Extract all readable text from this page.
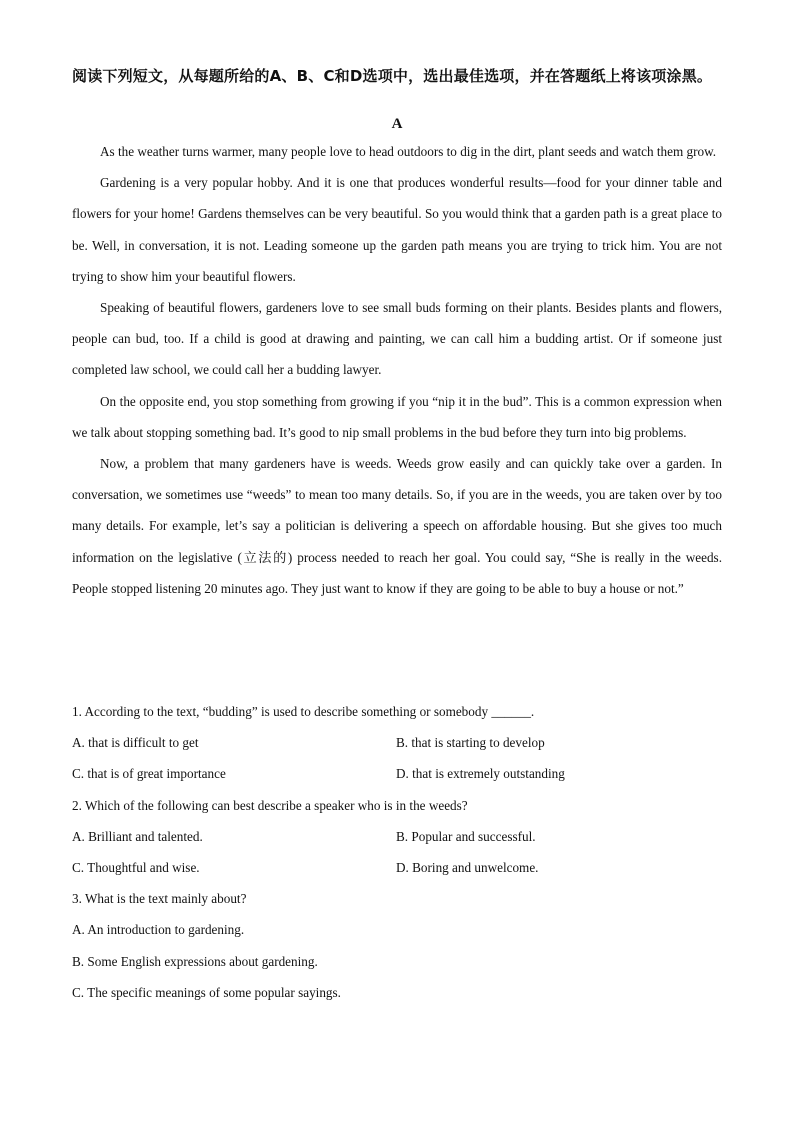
阅读下列短文，从每题所给的A、B、C和D选项中，选出最佳选项，并在答题纸上将该项涂黑。
A

As the weather turns warmer, many people love to head outdoors to dig in the dirt, plant seeds and watch them grow.

Gardening is a very popular hobby. And it is one that produces wonderful results—food for your dinner table and flowers for your home! Gardens themselves can be very beautiful. So you would think that a garden path is a great place to be. Well, in conversation, it is not. Leading someone up the garden path means you are trying to trick him. You are not trying to show him your beautiful flowers.

Speaking of beautiful flowers, gardeners love to see small buds forming on their plants. Besides plants and flowers, people can bud, too. If a child is good at drawing and painting, we can call him a budding artist. Or if someone just completed law school, we could call her a budding lawyer.

On the opposite end, you stop something from growing if you “nip it in the bud”. This is a common expression when we talk about stopping something bad. It’s good to nip small problems in the bud before they turn into big problems.

Now, a problem that many gardeners have is weeds. Weeds grow easily and can quickly take over a garden. In conversation, we sometimes use “weeds” to mean too many details. So, if you are in the weeds, you are taken over by too many details. For example, let’s say a politician is delivering a speech on affordable housing. But she gives too much information on the legislative (立法的) process needed to reach her goal. You could say, “She is really in the weeds. People stopped listening 20 minutes ago. They just want to know if they are going to be able to buy a house or not.”

1. According to the text, “budding” is used to describe something or somebody ______.

A. that is difficult to get	B. that is starting to develop
C. that is of great importance	D. that is extremely outstanding

2. Which of the following can best describe a speaker who is in the weeds?

A. Brilliant and talented.	B. Popular and successful.
C. Thoughtful and wise.	D. Boring and unwelcome.

3. What is the text mainly about?

A. An introduction to gardening.

B. Some English expressions about gardening.

C. The specific meanings of some popular sayings.
